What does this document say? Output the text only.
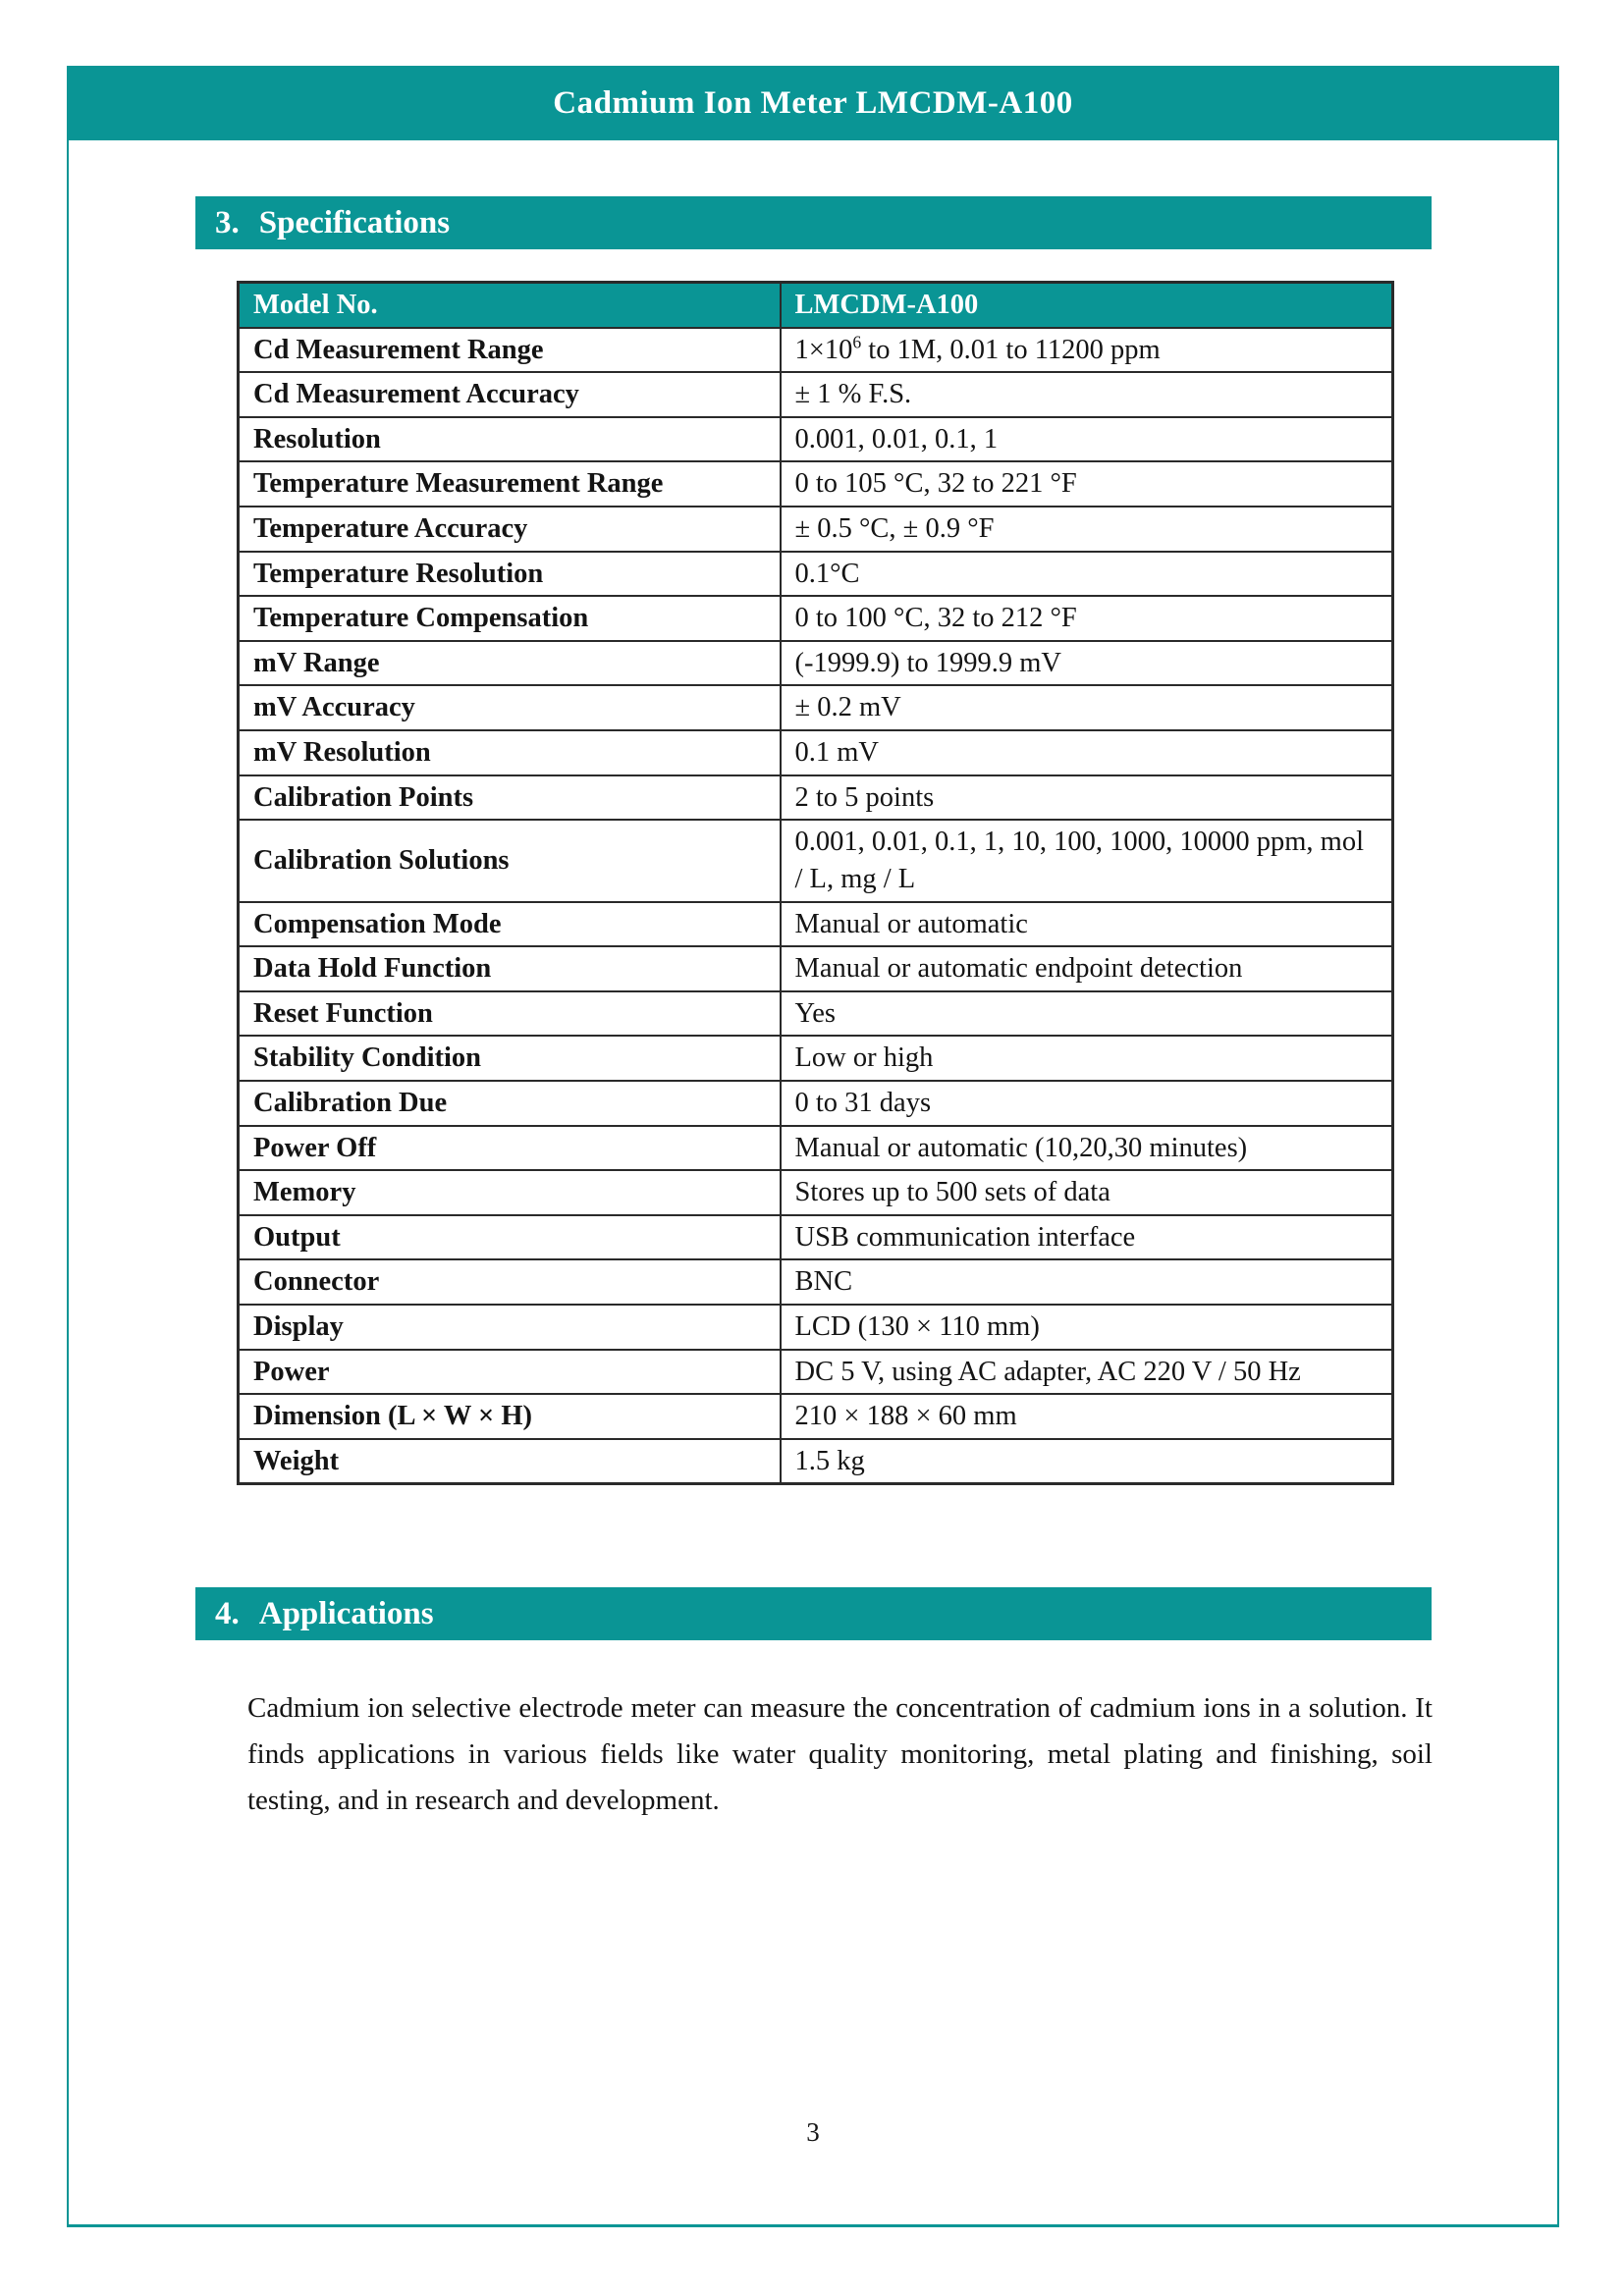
Cadmium Ion Meter LMCDM-A100
3. Specifications
Model No.	LMCDM-A100
Cd Measurement Range	$1\times 10^6$ to 1M, 0.01 to 11200 ppm
Cd Measurement Accuracy	± 1 % F.S.
Resolution	0.001, 0.01, 0.1, 1
Temperature Measurement Range	0 to 105 °C, 32 to 221 °F
Temperature Accuracy	± 0.5 °C, ± 0.9 °F
Temperature Resolution	0.1°C
Temperature Compensation	0 to 100 °C, 32 to 212 °F
mV Range	(-1999.9) to 1999.9 mV
mV Accuracy	± 0.2 mV
mV Resolution	0.1 mV
Calibration Points	2 to 5 points
Calibration Solutions	0.001, 0.01, 0.1, 1, 10, 100, 1000, 10000 ppm, mol / L, mg / L
Compensation Mode	Manual or automatic
Data Hold Function	Manual or automatic endpoint detection
Reset Function	Yes
Stability Condition	Low or high
Calibration Due	0 to 31 days
Power Off	Manual or automatic (10,20,30 minutes)
Memory	Stores up to 500 sets of data
Output	USB communication interface
Connector	BNC
Display	LCD (130 × 110 mm)
Power	DC 5 V, using AC adapter, AC 220 V / 50 Hz
Dimension (L × W × H)	210 × 188 × 60 mm
Weight	1.5 kg
4. Applications

Cadmium ion selective electrode meter can measure the concentration of cadmium ions in a solution. It finds applications in various fields like water quality monitoring, metal plating and finishing, soil testing, and in research and development.

3
